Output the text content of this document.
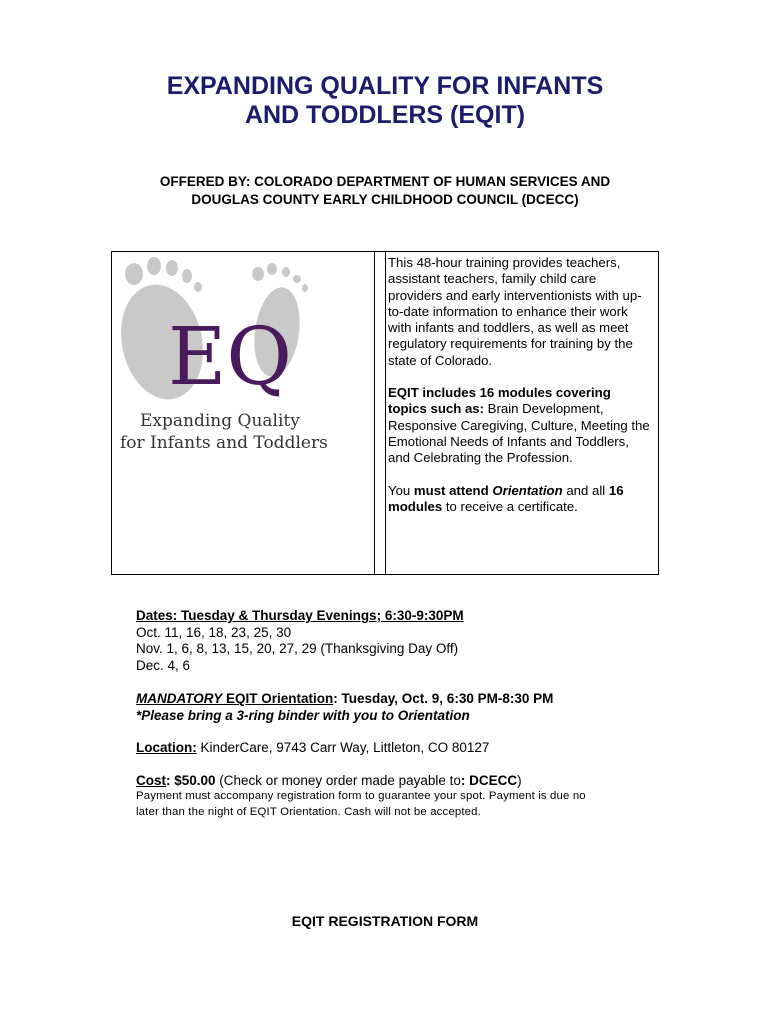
EXPANDING QUALITY FOR INFANTS
AND TODDLERS (EQIT)
OFFERED BY: COLORADO DEPARTMENT OF HUMAN SERVICES AND
DOUGLAS COUNTY EARLY CHILDHOOD COUNCIL (DCECC)
EQ
Expanding Quality
for Infants and Toddlers

This 48-hour training provides teachers, assistant teachers, family child care providers and early interventionists with up-to-date information to enhance their work with infants and toddlers, as well as meet regulatory requirements for training by the state of Colorado.

EQIT includes 16 modules covering topics such as: Brain Development, Responsive Caregiving, Culture, Meeting the Emotional Needs of Infants and Toddlers, and Celebrating the Profession.

You must attend Orientation and all 16 modules to receive a certificate.

Dates: Tuesday & Thursday Evenings; 6:30-9:30PM

Oct. 11, 16, 18, 23, 25, 30

Nov. 1, 6, 8, 13, 15, 20, 27, 29 (Thanksgiving Day Off)

Dec. 4, 6

MANDATORY EQIT Orientation: Tuesday, Oct. 9, 6:30 PM-8:30 PM

*Please bring a 3-ring binder with you to Orientation

Location: KinderCare, 9743 Carr Way, Littleton, CO 80127

Cost: $50.00 (Check or money order made payable to: DCECC)

Payment must accompany registration form to guarantee your spot. Payment is due no

later than the night of EQIT Orientation. Cash will not be accepted.

EQIT REGISTRATION FORM
